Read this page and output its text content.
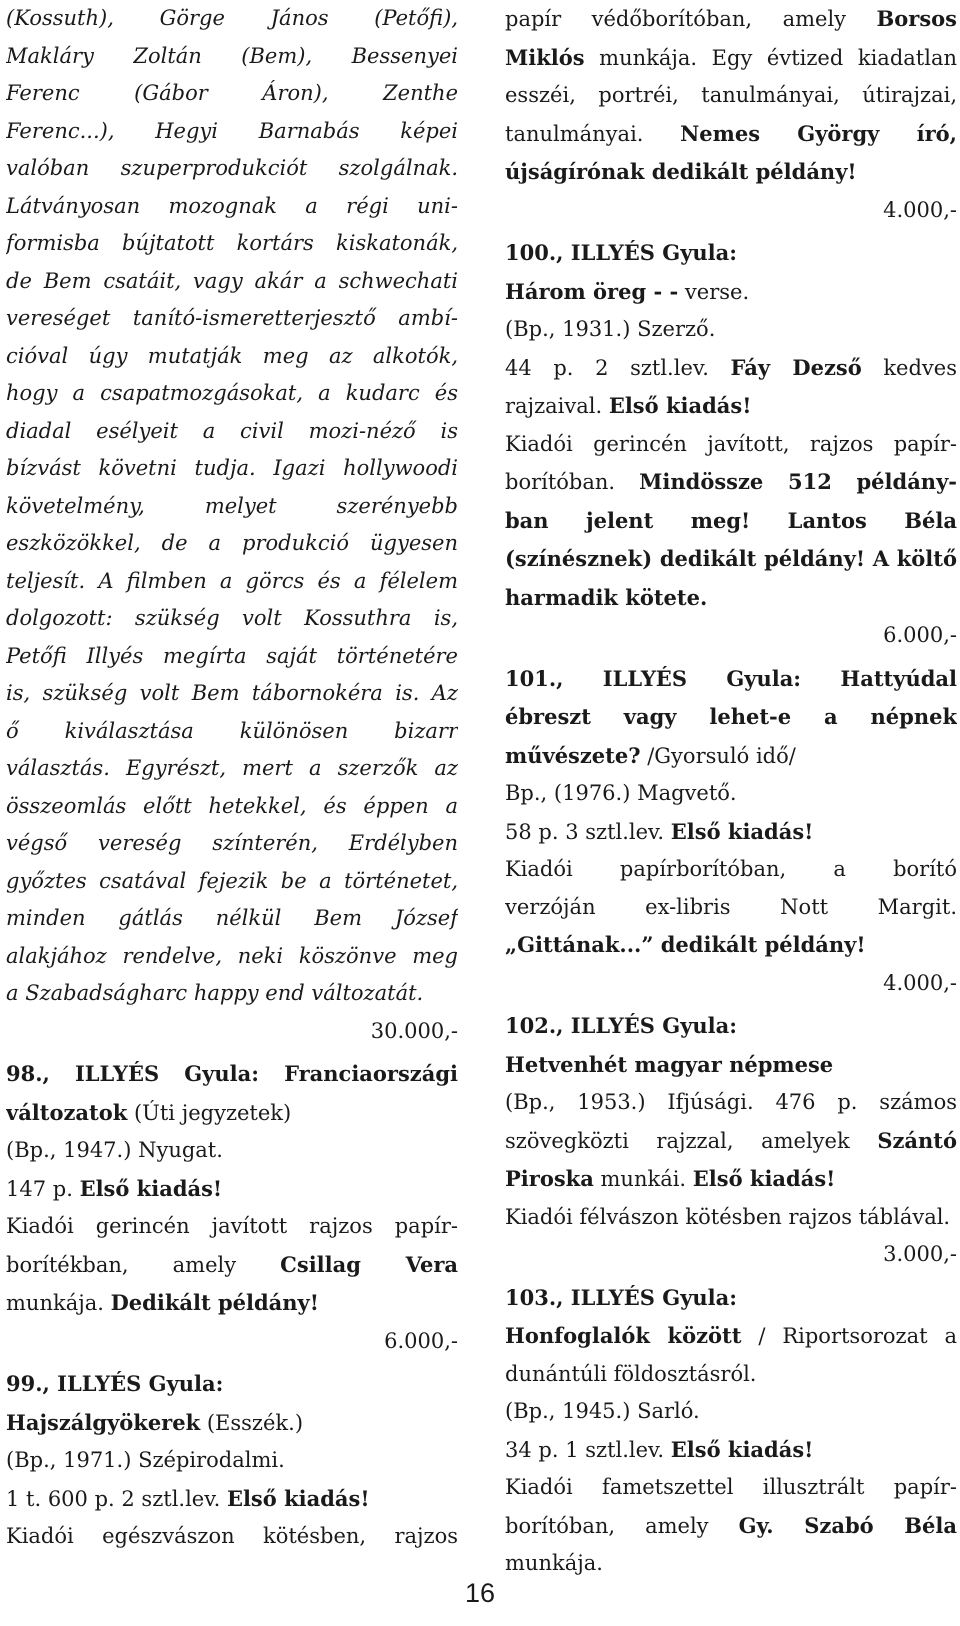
(Kossuth), Görge János (Petőfi),
Makláry Zoltán (Bem), Bessenyei
Ferenc (Gábor Áron), Zenthe
Ferenc...), Hegyi Barnabás képei
valóban szuperprodukciót szolgálnak.
Látványosan mozognak a régi uni-
formisba bújtatott kortárs kiskatonák,
de Bem csatáit, vagy akár a schwechati
vereséget tanító-ismeretterjesztő ambí-
cióval úgy mutatják meg az alkotók,
hogy a csapatmozgásokat, a kudarc és
diadal esélyeit a civil mozi-néző is
bízvást követni tudja. Igazi hollywoodi
követelmény, melyet szerényebb
eszközökkel, de a produkció ügyesen
teljesít. A filmben a görcs és a félelem
dolgozott: szükség volt Kossuthra is,
Petőfi Illyés megírta saját történetére
is, szükség volt Bem tábornokéra is. Az
ő kiválasztása különösen bizarr
választás. Egyrészt, mert a szerzők az
összeomlás előtt hetekkel, és éppen a
végső vereség színterén, Erdélyben
győztes csatával fejezik be a történetet,
minden gátlás nélkül Bem József
alakjához rendelve, neki köszönve meg
a Szabadságharc happy end változatát.
30.000,-
98., ILLYÉS Gyula: Franciaországi
változatok (Úti jegyzetek)
(Bp., 1947.) Nyugat.
147 p. Első kiadás!
Kiadói gerincén javított rajzos papír-
borítékban, amely Csillag Vera
munkája. Dedikált példány!
6.000,-
99., ILLYÉS Gyula:
Hajszálgyökerek (Esszék.)
(Bp., 1971.) Szépirodalmi.
1 t. 600 p. 2 sztl.lev. Első kiadás!
Kiadói egészvászon kötésben, rajzos
papír védőborítóban, amely Borsos
Miklós munkája. Egy évtized kiadatlan
esszéi, portréi, tanulmányai, útirajzai,
tanulmányai. Nemes György író,
újságírónak dedikált példány!
4.000,-
100., ILLYÉS Gyula:
Három öreg - - verse.
(Bp., 1931.) Szerző.
44 p. 2 sztl.lev. Fáy Dezső kedves
rajzaival. Első kiadás!
Kiadói gerincén javított, rajzos papír-
borítóban. Mindössze 512 példány-
ban jelent meg! Lantos Béla
(színésznek) dedikált példány! A költő
harmadik kötete.
6.000,-
101., ILLYÉS Gyula: Hattyúdal
ébreszt vagy lehet-e a népnek
művészete? /Gyorsuló idő/
Bp., (1976.) Magvető.
58 p. 3 sztl.lev. Első kiadás!
Kiadói papírborítóban, a borító
verzóján ex-libris Nott Margit.
„Gittának...” dedikált példány!
4.000,-
102., ILLYÉS Gyula:
Hetvenhét magyar népmese
(Bp., 1953.) Ifjúsági. 476 p. számos
szövegközti rajzzal, amelyek Szántó
Piroska munkái. Első kiadás!
Kiadói félvászon kötésben rajzos táblával.
3.000,-
103., ILLYÉS Gyula:
Honfoglalók között / Riportsorozat a
dunántúli földosztásról.
(Bp., 1945.) Sarló.
34 p. 1 sztl.lev. Első kiadás!
Kiadói fametszettel illusztrált papír-
borítóban, amely Gy. Szabó Béla
munkája.
16
